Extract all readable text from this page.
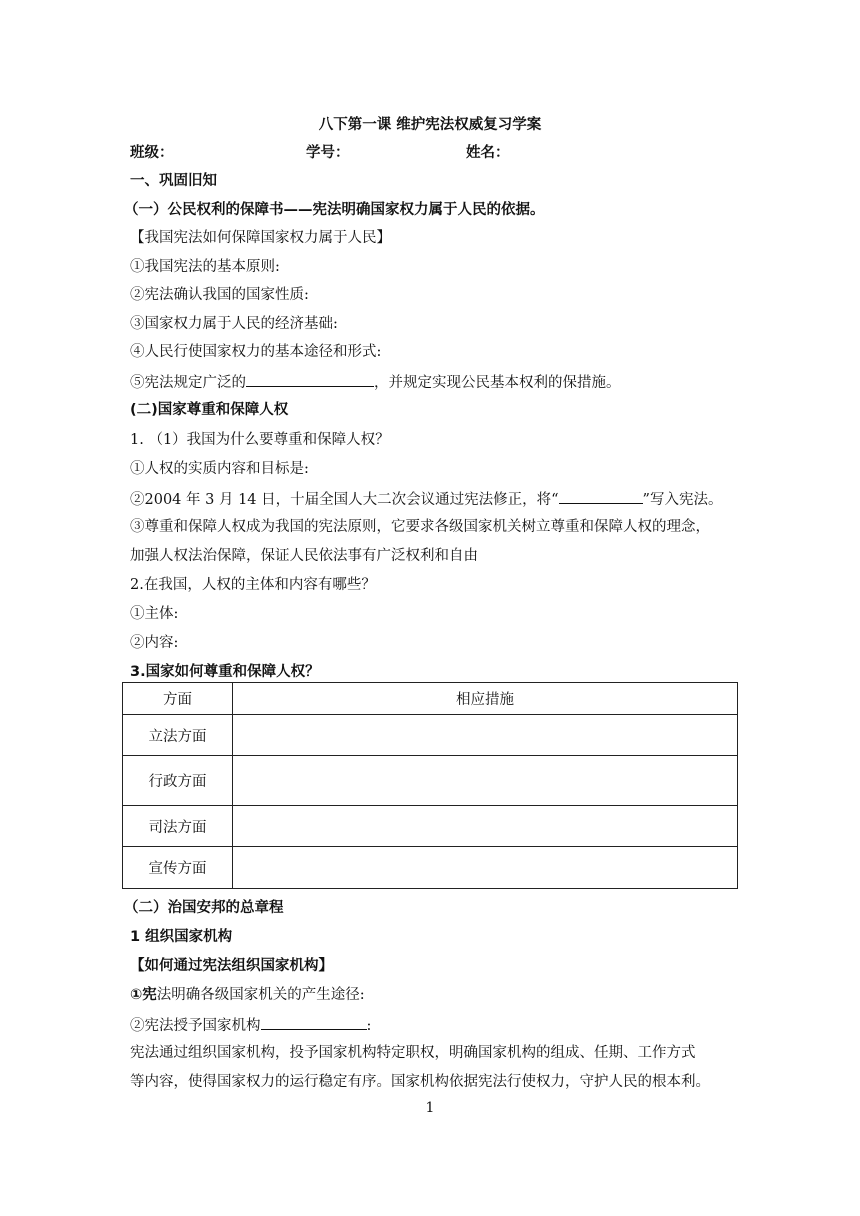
八下第一课 维护宪法权威复习学案
班级：	学号：	姓名：
一、巩固旧知
（一）公民权利的保障书——宪法明确国家权力属于人民的依据。
【我国宪法如何保障国家权力属于人民】
①我国宪法的基本原则:
②宪法确认我国的国家性质:
③国家权力属于人民的经济基础:
④人民行使国家权力的基本途径和形式:
⑤宪法规定广泛的	，并规定实现公民基本权利的保措施。
(二)国家尊重和保障人权
1. （1）我国为什么要尊重和保障人权？
①人权的实质内容和目标是:
②2004 年 3 月 14 日，十届全国人大二次会议通过宪法修正，将“	”写入宪法。
③尊重和保障人权成为我国的宪法原则，它要求各级国家机关树立尊重和保障人权的理念，
加强人权法治保障，保证人民依法事有广泛权利和自由
2.在我国，人权的主体和内容有哪些？
①主体:
②内容:
3.国家如何尊重和保障人权？
方面	相应措施
立法方面	
行政方面	
司法方面	
宣传方面	
（二）治国安邦的总章程
1 组织国家机构
【如何通过宪法组织国家机构】
①宪法明确各级国家机关的产生途径:
②宪法授予国家机构	:
宪法通过组织国家机构，投予国家机构特定职权，明确国家机构的组成、任期、工作方式
等内容，使得国家权力的运行稳定有序。国家机构依据宪法行使权力，守护人民的根本利。
1
